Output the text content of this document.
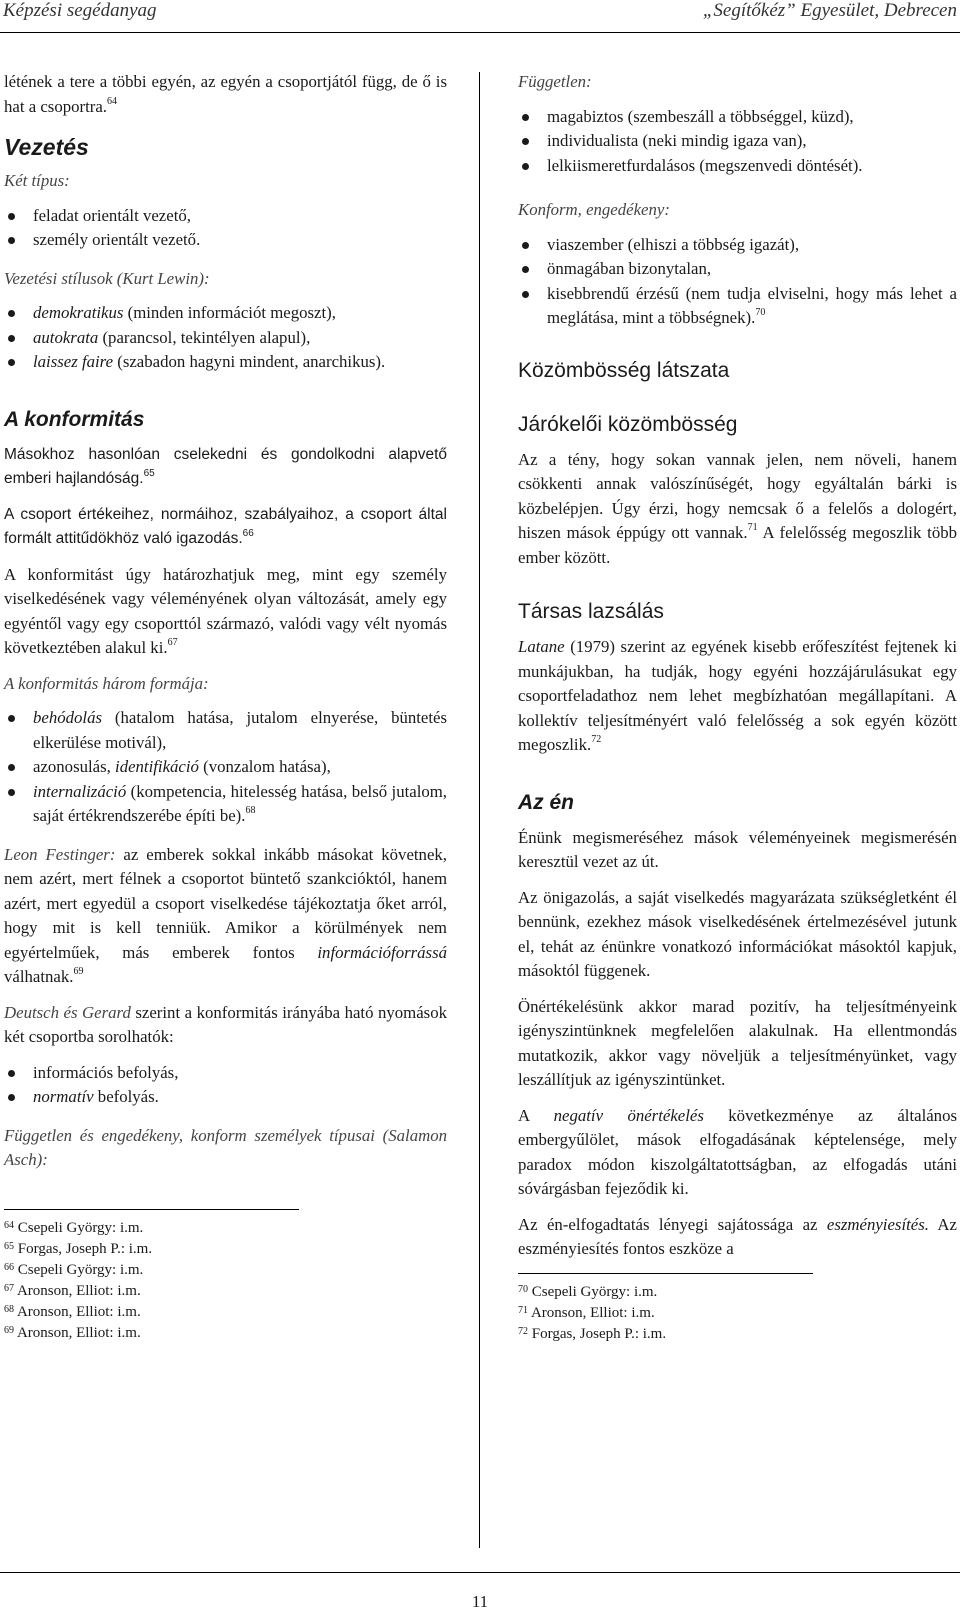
Képzési segédanyag	„Segítőkéz” Egyesület, Debrecen

létének a tere a többi egyén, az egyén a csoportjától függ, de ő is hat a csoportra.$^{64}$

Vezetés
Két típus:
feladat orientált vezető,
személy orientált vezető.
Vezetési stílusok (Kurt Lewin):
demokratikus (minden információt megoszt),
autokrata (parancsol, tekintélyen alapul),
laissez faire (szabadon hagyni mindent, anarchikus).
A konformitás

Másokhoz hasonlóan cselekedni és gondolkodni alapvető emberi hajlandóság.$^{65}$

A csoport értékeihez, normáihoz, szabályaihoz, a csoport által formált attitűdökhöz való igazodás.$^{66}$

A konformitást úgy határozhatjuk meg, mint egy személy viselkedésének vagy véleményének olyan változását, amely egy egyéntől vagy egy csoporttól származó, valódi vagy vélt nyomás következtében alakul ki.$^{67}$

A konformitás három formája:
behódolás (hatalom hatása, jutalom elnyerése, büntetés elkerülése motivál),
azonosulás, identifikáció (vonzalom hatása),
internalizáció (kompetencia, hitelesség hatása, belső jutalom, saját értékrendszerébe építi be).$^{68}$

Leon Festinger: az emberek sokkal inkább másokat követnek, nem azért, mert félnek a csoportot büntető szankcióktól, hanem azért, mert egyedül a csoport viselkedése tájékoztatja őket arról, hogy mit is kell tenniük. Amikor a körülmények nem egyértelműek, más emberek fontos információforrássá válhatnak.$^{69}$

Deutsch és Gerard szerint a konformitás irányába ható nyomások két csoportba sorolhatók:

információs befolyás,
normatív befolyás.
Független és engedékeny, konform személyek típusai (Salamon Asch):
$^{64}$ Csepeli György: i.m.
$^{65}$ Forgas, Joseph P.: i.m.
$^{66}$ Csepeli György: i.m.
$^{67}$ Aronson, Elliot: i.m.
$^{68}$ Aronson, Elliot: i.m.
$^{69}$ Aronson, Elliot: i.m.
Független:
magabiztos (szembeszáll a többséggel, küzd),
individualista (neki mindig igaza van),
lelkiismeretfurdalásos (megszenvedi döntését).
Konform, engedékeny:
viaszember (elhiszi a többség igazát),
önmagában bizonytalan,
kisebbrendű érzésű (nem tudja elviselni, hogy más lehet a meglátása, mint a többségnek).$^{70}$
Közömbösség látszata
Járókelői közömbösség

Az a tény, hogy sokan vannak jelen, nem növeli, hanem csökkenti annak valószínűségét, hogy egyáltalán bárki is közbelépjen. Úgy érzi, hogy nemcsak ő a felelős a dologért, hiszen mások éppúgy ott vannak.$^{71}$ A felelősség megoszlik több ember között.

Társas lazsálás

Latane (1979) szerint az egyének kisebb erőfeszítést fejtenek ki munkájukban, ha tudják, hogy egyéni hozzájárulásukat egy csoportfeladathoz nem lehet megbízhatóan megállapítani. A kollektív teljesítményért való felelősség a sok egyén között megoszlik.$^{72}$

Az én

Énünk megismeréséhez mások véleményeinek megismerésén keresztül vezet az út.

Az önigazolás, a saját viselkedés magyarázata szükségletként él bennünk, ezekhez mások viselkedésének értelmezésével jutunk el, tehát az énünkre vonatkozó információkat másoktól kapjuk, másoktól függenek.

Önértékelésünk akkor marad pozitív, ha teljesítményeink igényszintünknek megfelelően alakulnak. Ha ellentmondás mutatkozik, akkor vagy növeljük a teljesítményünket, vagy leszállítjuk az igényszintünket.

A negatív önértékelés következménye az általános embergyűlölet, mások elfogadásának képtelensége, mely paradox módon kiszolgáltatottságban, az elfogadás utáni sóvárgásban fejeződik ki.

Az én-elfogadtatás lényegi sajátossága az eszményiesítés. Az eszményiesítés fontos eszköze a

$^{70}$ Csepeli György: i.m.
$^{71}$ Aronson, Elliot: i.m.
$^{72}$ Forgas, Joseph P.: i.m.
11
